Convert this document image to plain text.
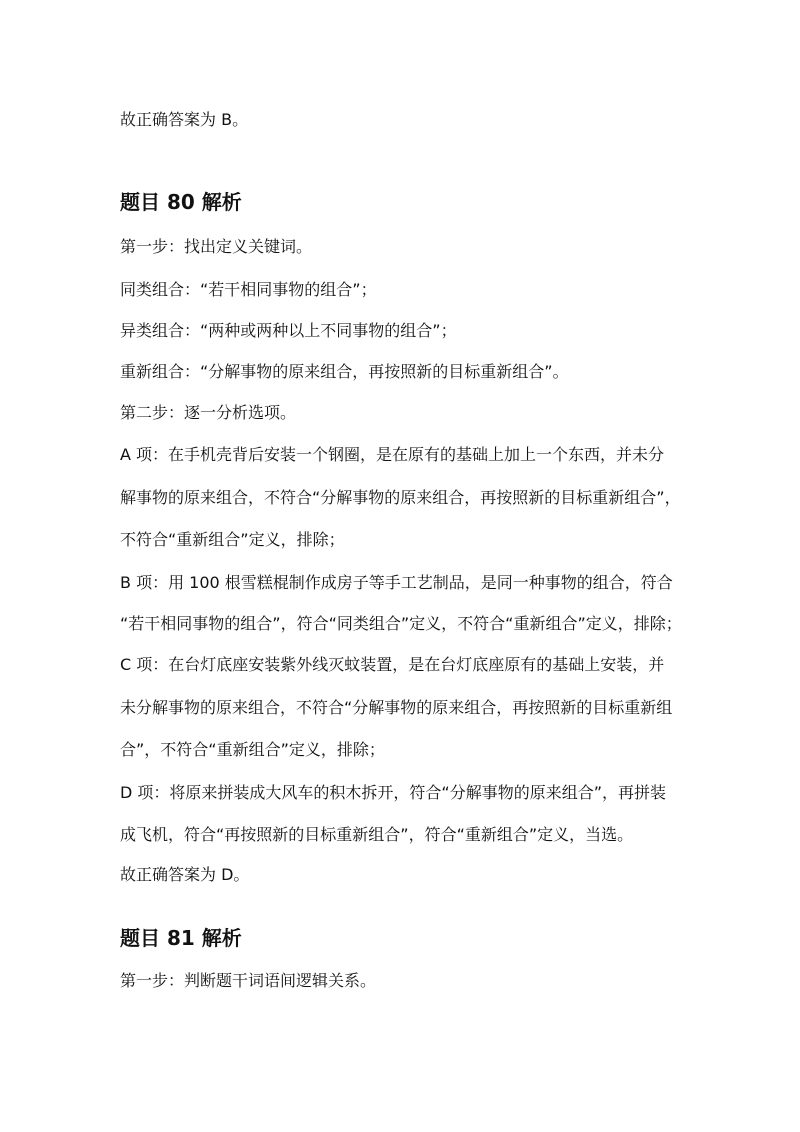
故正确答案为 B。
题目 80 解析
第一步：找出定义关键词。
同类组合：“若干相同事物的组合”；
异类组合：“两种或两种以上不同事物的组合”；
重新组合：“分解事物的原来组合，再按照新的目标重新组合”。
第二步：逐一分析选项。
A 项：在手机壳背后安装一个钢圈，是在原有的基础上加上一个东西，并未分
解事物的原来组合，不符合“分解事物的原来组合，再按照新的目标重新组合”，
不符合“重新组合”定义，排除；
B 项：用 100 根雪糕棍制作成房子等手工艺制品，是同一种事物的组合，符合
“若干相同事物的组合”，符合“同类组合”定义，不符合“重新组合”定义，排除；
C 项：在台灯底座安装紫外线灭蚊装置，是在台灯底座原有的基础上安装，并
未分解事物的原来组合，不符合“分解事物的原来组合，再按照新的目标重新组
合”，不符合“重新组合”定义，排除；
D 项：将原来拼装成大风车的积木拆开，符合“分解事物的原来组合”，再拼装
成飞机，符合“再按照新的目标重新组合”，符合“重新组合”定义，当选。
故正确答案为 D。
题目 81 解析
第一步：判断题干词语间逻辑关系。
